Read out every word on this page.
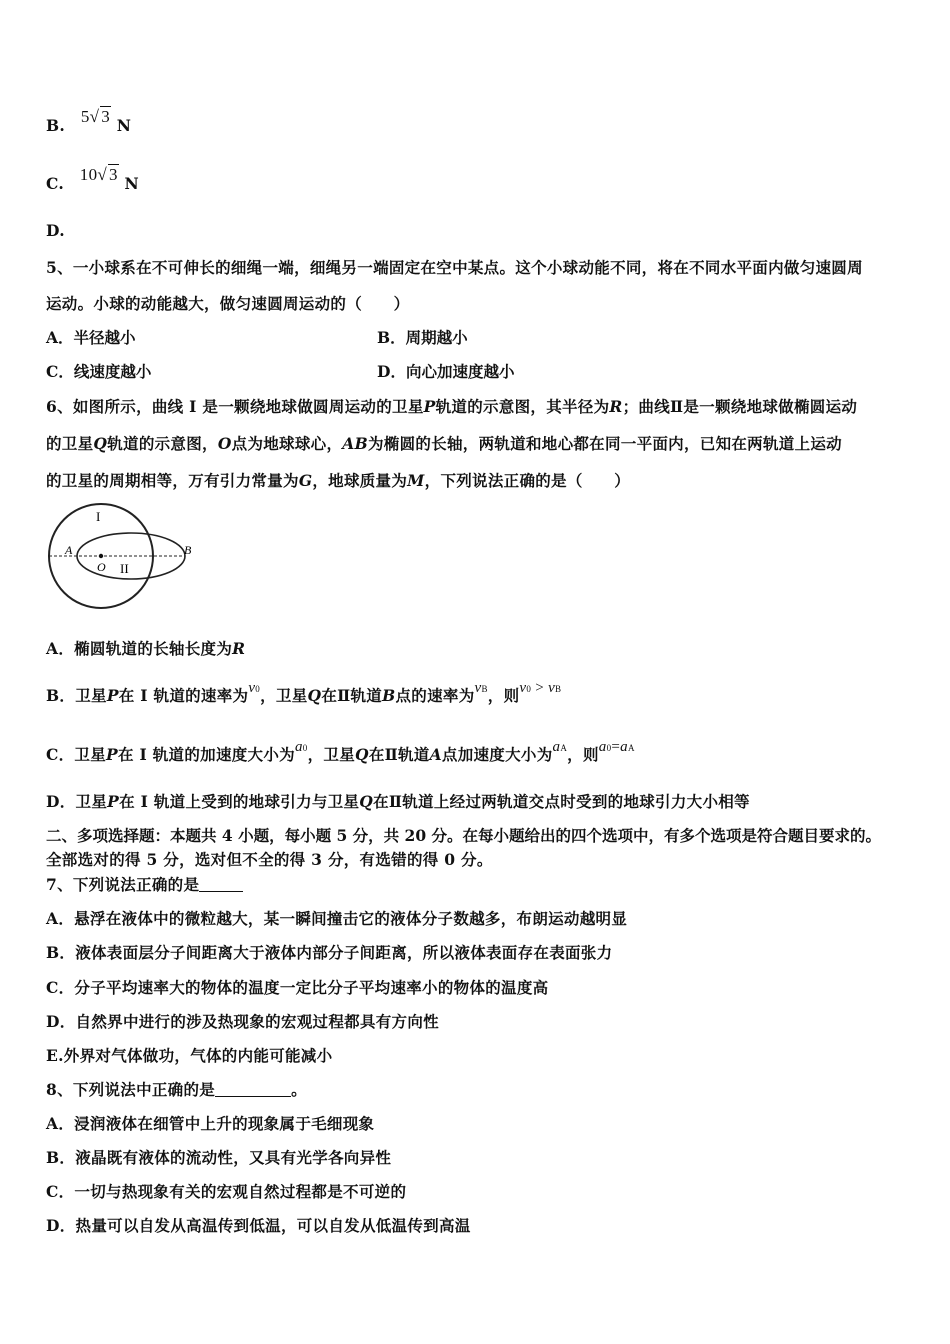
B. 5√ 3 N
C. 10√ 3 N
D.
5、一小球系在不可伸长的细绳一端，细绳另一端固定在空中某点。这个小球动能不同，将在不同水平面内做匀速圆周
运动。小球的动能越大，做匀速圆周运动的（　　）
A．半径越小	B．周期越小
C．线速度越小	D．向心加速度越小
6、如图所示，曲线 I 是一颗绕地球做圆周运动的卫星P轨道的示意图，其半径为R；曲线Ⅱ是一颗绕地球做椭圆运动
的卫星Q轨道的示意图，O点为地球球心，AB为椭圆的长轴，两轨道和地心都在同一平面内，已知在两轨道上运动
的卫星的周期相等，万有引力常量为G，地球质量为M，下列说法正确的是（　　）
I
II
A	B
O
A．椭圆轨道的长轴长度为R
B．卫星P在 I 轨道的速率为v0，卫星Q在Ⅱ轨道B点的速率为vB，则v0 > vB
C．卫星P在 I 轨道的加速度大小为a0，卫星Q在Ⅱ轨道A点加速度大小为aA，则a0=aA
D．卫星P在 I 轨道上受到的地球引力与卫星Q在Ⅱ轨道上经过两轨道交点时受到的地球引力大小相等
二、多项选择题：本题共 4 小题，每小题 5 分，共 20 分。在每小题给出的四个选项中，有多个选项是符合题目要求的。
全部选对的得 5 分，选对但不全的得 3 分，有选错的得 0 分。
7、下列说法正确的是
A．悬浮在液体中的微粒越大，某一瞬间撞击它的液体分子数越多，布朗运动越明显
B．液体表面层分子间距离大于液体内部分子间距离，所以液体表面存在表面张力
C．分子平均速率大的物体的温度一定比分子平均速率小的物体的温度高
D．自然界中进行的涉及热现象的宏观过程都具有方向性
E.外界对气体做功，气体的内能可能减小
8、下列说法中正确的是	。
A．浸润液体在细管中上升的现象属于毛细现象
B．液晶既有液体的流动性，又具有光学各向异性
C．一切与热现象有关的宏观自然过程都是不可逆的
D．热量可以自发从高温传到低温，可以自发从低温传到高温
